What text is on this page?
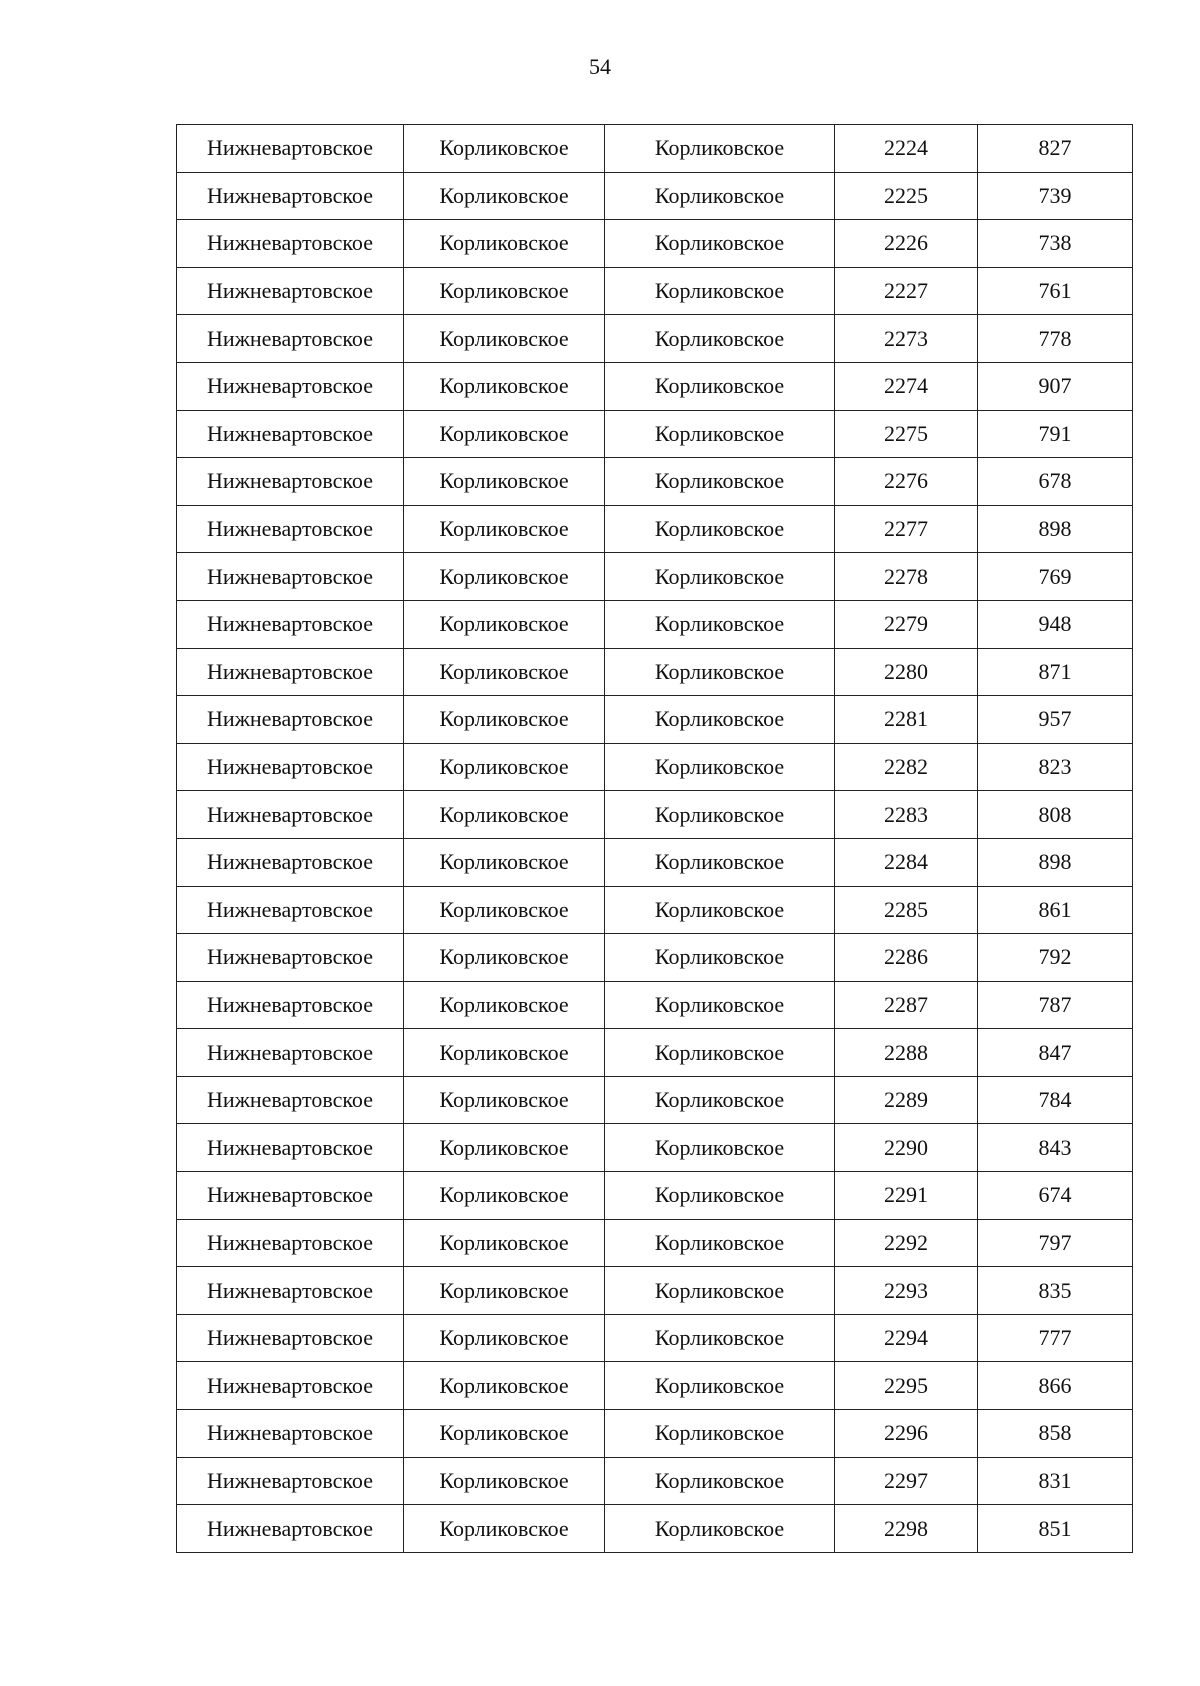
54
Нижневартовское	Корликовское	Корликовское	2224	827
Нижневартовское	Корликовское	Корликовское	2225	739
Нижневартовское	Корликовское	Корликовское	2226	738
Нижневартовское	Корликовское	Корликовское	2227	761
Нижневартовское	Корликовское	Корликовское	2273	778
Нижневартовское	Корликовское	Корликовское	2274	907
Нижневартовское	Корликовское	Корликовское	2275	791
Нижневартовское	Корликовское	Корликовское	2276	678
Нижневартовское	Корликовское	Корликовское	2277	898
Нижневартовское	Корликовское	Корликовское	2278	769
Нижневартовское	Корликовское	Корликовское	2279	948
Нижневартовское	Корликовское	Корликовское	2280	871
Нижневартовское	Корликовское	Корликовское	2281	957
Нижневартовское	Корликовское	Корликовское	2282	823
Нижневартовское	Корликовское	Корликовское	2283	808
Нижневартовское	Корликовское	Корликовское	2284	898
Нижневартовское	Корликовское	Корликовское	2285	861
Нижневартовское	Корликовское	Корликовское	2286	792
Нижневартовское	Корликовское	Корликовское	2287	787
Нижневартовское	Корликовское	Корликовское	2288	847
Нижневартовское	Корликовское	Корликовское	2289	784
Нижневартовское	Корликовское	Корликовское	2290	843
Нижневартовское	Корликовское	Корликовское	2291	674
Нижневартовское	Корликовское	Корликовское	2292	797
Нижневартовское	Корликовское	Корликовское	2293	835
Нижневартовское	Корликовское	Корликовское	2294	777
Нижневартовское	Корликовское	Корликовское	2295	866
Нижневартовское	Корликовское	Корликовское	2296	858
Нижневартовское	Корликовское	Корликовское	2297	831
Нижневартовское	Корликовское	Корликовское	2298	851
